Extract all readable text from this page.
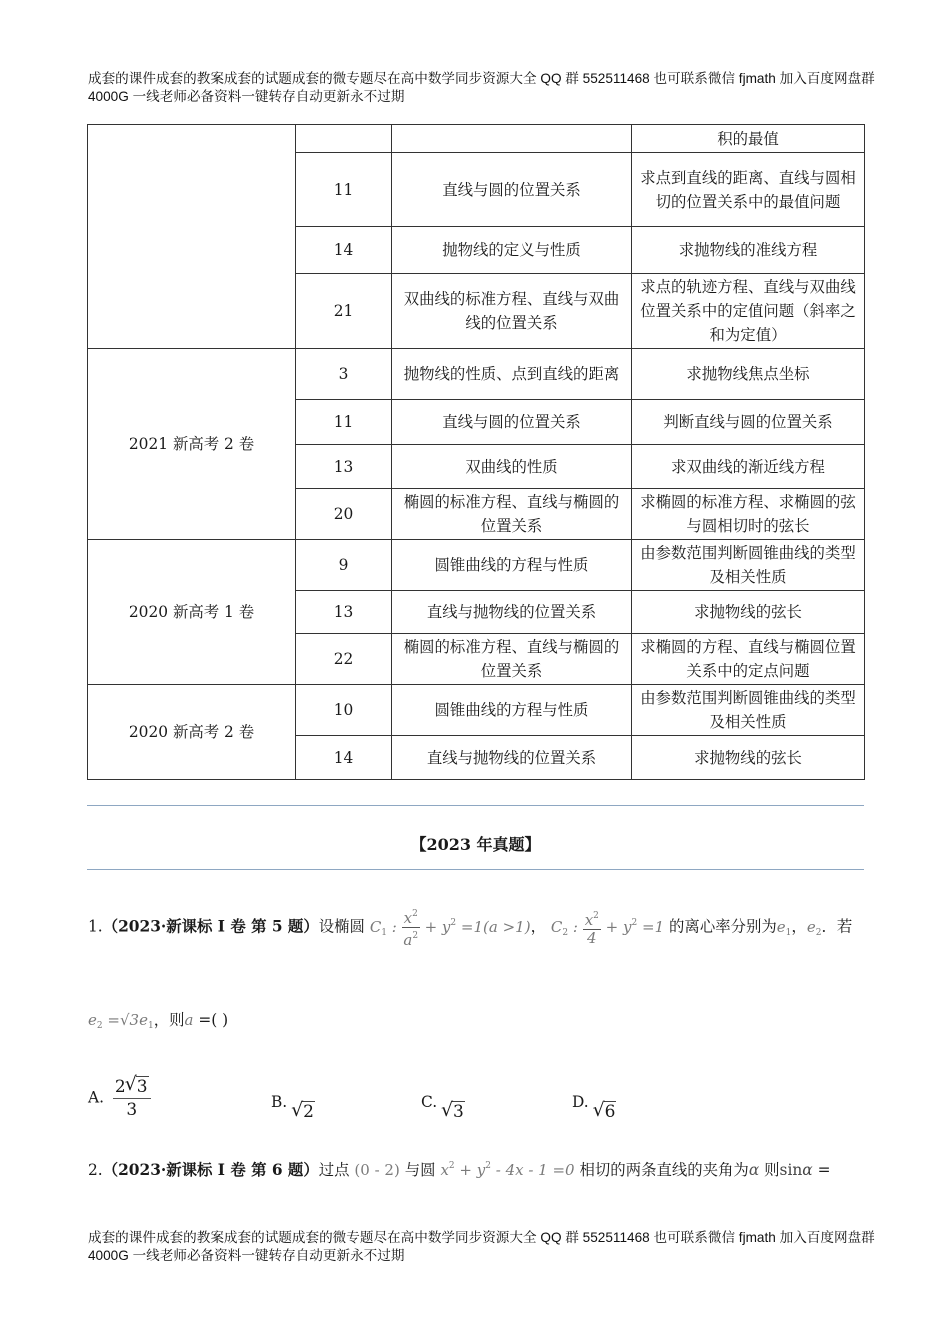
成套的课件成套的教案成套的试题成套的微专题尽在高中数学同步资源大全 QQ 群 552511468 也可联系微信 fjmath 加入百度网盘群 4000G 一线老师必备资料一键转存自动更新永不过期
			积的最值
	11	直线与圆的位置关系	求点到直线的距离、直线与圆相切的位置关系中的最值问题
	14	抛物线的定义与性质	求抛物线的准线方程
	21	双曲线的标准方程、直线与双曲线的位置关系	求点的轨迹方程、直线与双曲线位置关系中的定值问题（斜率之和为定值）
2021 新高考 2 卷	3	抛物线的性质、点到直线的距离	求抛物线焦点坐标
	11	直线与圆的位置关系	判断直线与圆的位置关系
	13	双曲线的性质	求双曲线的渐近线方程
	20	椭圆的标准方程、直线与椭圆的位置关系	求椭圆的标准方程、求椭圆的弦与圆相切时的弦长
2020 新高考 1 卷	9	圆锥曲线的方程与性质	由参数范围判断圆锥曲线的类型及相关性质
	13	直线与抛物线的位置关系	求抛物线的弦长
	22	椭圆的标准方程、直线与椭圆的位置关系	求椭圆的方程、直线与椭圆位置关系中的定点问题
2020 新高考 2 卷	10	圆锥曲线的方程与性质	由参数范围判断圆锥曲线的类型及相关性质
	14	直线与抛物线的位置关系	求抛物线的弦长
【2023 年真题】
1.（2023·新课标 I 卷 第 5 题）设椭圆 $C_1$ : $\frac{x^2}{a^2} + y^2 =1(a >1)$， $C_2$ : $\frac{x^2}{4} + y^2 =1$ 的离心率分别为$e_1$，$e_2$．若
$e_2 =√3e_1$，则a =( )
A. $\frac{2 √ 3}{3}$	B. √ 2	C. √ 3	D. √ 6
2.（2023·新课标 I 卷 第 6 题）过点 (0 - 2) 与圆 $x^2 + y^2 - 4x - 1 =0$ 相切的两条直线的夹角为α 则sinα =
成套的课件成套的教案成套的试题成套的微专题尽在高中数学同步资源大全 QQ 群 552511468 也可联系微信 fjmath 加入百度网盘群 4000G 一线老师必备资料一键转存自动更新永不过期
